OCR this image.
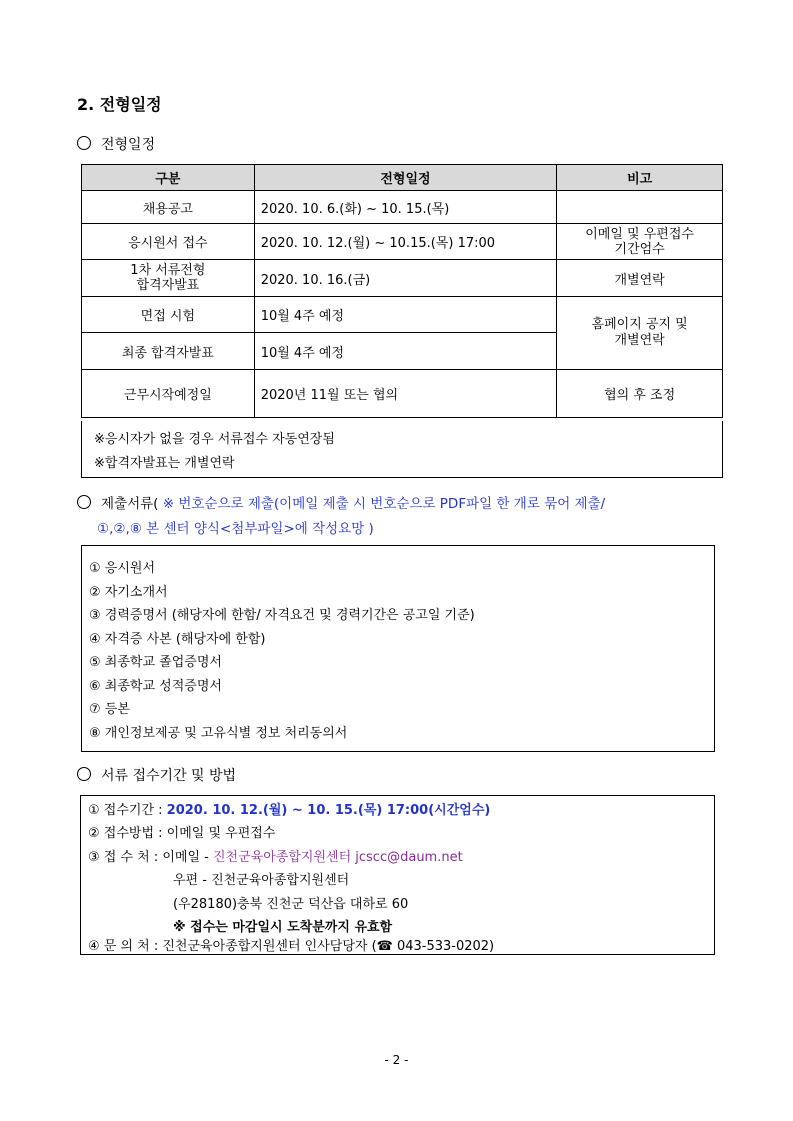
2. 전형일정
전형일정
구분	전형일정	비고
채용공고	2020. 10. 6.(화) ~ 10. 15.(목)	
응시원서 접수	2020. 10. 12.(월) ~ 10.15.(목) 17:00	이메일 및 우편접수
기간엄수

1차 서류전형
합격자발표	2020. 10. 16.(금)	개별연락
면접 시험	10월 4주 예정	홈페이지 공지 및
개별연락

최종 합격자발표	10월 4주 예정	
근무시작예정일	2020년 11월 또는 협의	협의 후 조정
※응시자가 없을 경우 서류접수 자동연장됨
※합격자발표는 개별연락
제출서류( ※ 번호순으로 제출(이메일 제출 시 번호순으로 PDF파일 한 개로 묶어 제출/
①,②,⑧ 본 센터 양식<첨부파일>에 작성요망 )
① 응시원서
② 자기소개서
③ 경력증명서 (해당자에 한함/ 자격요건 및 경력기간은 공고일 기준)
④ 자격증 사본 (해당자에 한함)
⑤ 최종학교 졸업증명서
⑥ 최종학교 성적증명서
⑦ 등본
⑧ 개인정보제공 및 고유식별 정보 처리동의서
서류 접수기간 및 방법
① 접수기간 : 2020. 10. 12.(월) ~ 10. 15.(목) 17:00(시간엄수)
② 접수방법 : 이메일 및 우편접수
③ 접 수 처 : 이메일 - 진천군육아종합지원센터 jcscc@daum.net
우편 - 진천군육아종합지원센터
(우28180)충북 진천군 덕산읍 대하로 60
※ 접수는 마감일시 도착분까지 유효함
④ 문 의 처 : 진천군육아종합지원센터 인사담당자 (☎ 043-533-0202)
- 2 -
